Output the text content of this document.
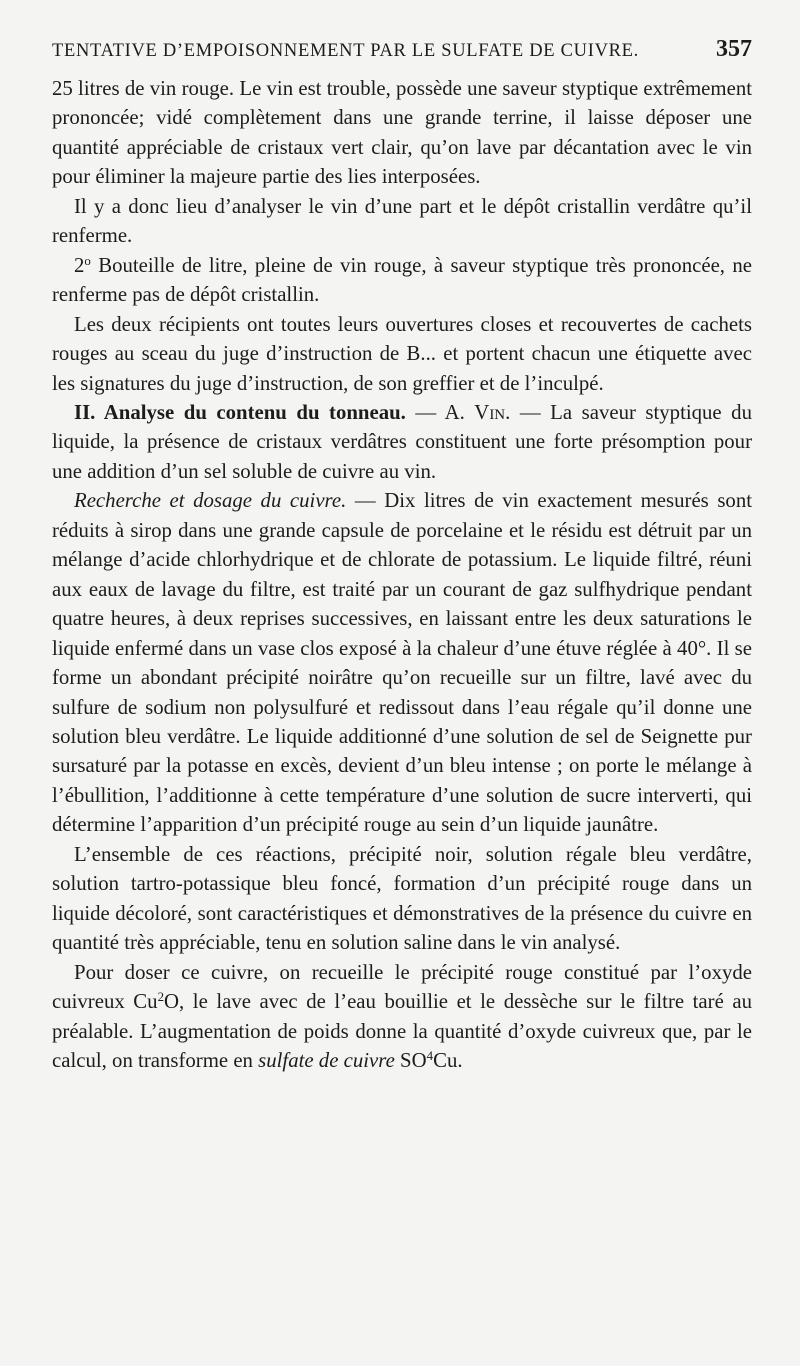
TENTATIVE D’EMPOISONNEMENT PAR LE SULFATE DE CUIVRE.	357

25 litres de vin rouge. Le vin est trouble, possède une saveur styptique extrêmement prononcée; vidé complètement dans une grande terrine, il laisse déposer une quantité appréciable de cristaux vert clair, qu’on lave par décantation avec le vin pour éliminer la majeure partie des lies interposées.

Il y a donc lieu d’analyser le vin d’une part et le dépôt cristallin verdâtre qu’il renferme.

2$^o$ Bouteille de litre, pleine de vin rouge, à saveur styptique très prononcée, ne renferme pas de dépôt cristallin.

Les deux récipients ont toutes leurs ouvertures closes et recouvertes de cachets rouges au sceau du juge d’instruction de B... et portent chacun une étiquette avec les signatures du juge d’instruction, de son greffier et de l’inculpé.

II. Analyse du contenu du tonneau. — A. Vin. — La saveur styptique du liquide, la présence de cristaux verdâtres constituent une forte présomption pour une addition d’un sel soluble de cuivre au vin.

Recherche et dosage du cuivre. — Dix litres de vin exactement mesurés sont réduits à sirop dans une grande capsule de porcelaine et le résidu est détruit par un mélange d’acide chlorhydrique et de chlorate de potassium. Le liquide filtré, réuni aux eaux de lavage du filtre, est traité par un courant de gaz sulfhydrique pendant quatre heures, à deux reprises successives, en laissant entre les deux saturations le liquide enfermé dans un vase clos exposé à la chaleur d’une étuve réglée à 40°. Il se forme un abondant précipité noirâtre qu’on recueille sur un filtre, lavé avec du sulfure de sodium non polysulfuré et redissout dans l’eau régale qu’il donne une solution bleu verdâtre. Le liquide additionné d’une solution de sel de Seignette pur sursaturé par la potasse en excès, devient d’un bleu intense ; on porte le mélange à l’ébullition, l’additionne à cette température d’une solution de sucre interverti, qui détermine l’apparition d’un précipité rouge au sein d’un liquide jaunâtre.

L’ensemble de ces réactions, précipité noir, solution régale bleu verdâtre, solution tartro-potassique bleu foncé, formation d’un précipité rouge dans un liquide décoloré, sont caractéristiques et démonstratives de la présence du cuivre en quantité très appréciable, tenu en solution saline dans le vin analysé.

Pour doser ce cuivre, on recueille le précipité rouge constitué par l’oxyde cuivreux Cu$^2$O, le lave avec de l’eau bouillie et le dessèche sur le filtre taré au préalable. L’augmentation de poids donne la quantité d’oxyde cuivreux que, par le calcul, on transforme en sulfate de cuivre $SO^4Cu$.
